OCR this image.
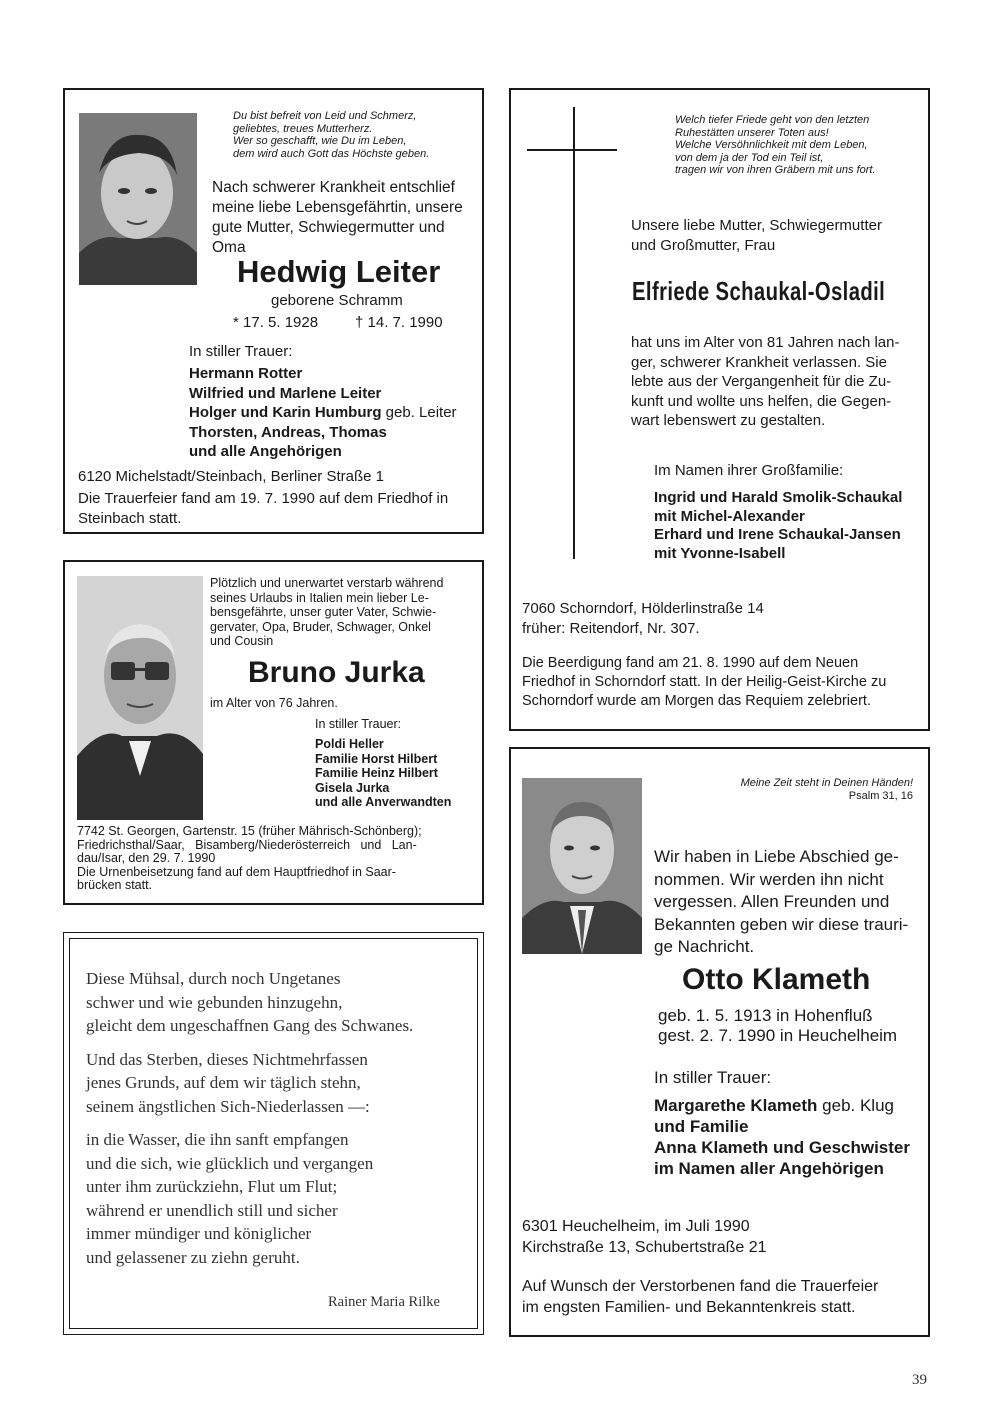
Du bist befreit von Leid und Schmerz,
geliebtes, treues Mutterherz.
Wer so geschafft, wie Du im Leben,
dem wird auch Gott das Höchste geben.
Nach schwerer Krankheit entschlief
meine liebe Lebensgefährtin, unsere
gute Mutter, Schwiegermutter und
Oma
Hedwig Leiter
geborene Schramm
* 17. 5. 1928 † 14. 7. 1990
In stiller Trauer:
Hermann Rotter
Wilfried und Marlene Leiter
Holger und Karin Humburg geb. Leiter
Thorsten, Andreas, Thomas
und alle Angehörigen
6120 Michelstadt/Steinbach, Berliner Straße 1
Die Trauerfeier fand am 19. 7. 1990 auf dem Friedhof in
Steinbach statt.
Plötzlich und unerwartet verstarb während
seines Urlaubs in Italien mein lieber Le-
bensgefährte, unser guter Vater, Schwie-
gervater, Opa, Bruder, Schwager, Onkel
und Cousin
Bruno Jurka
im Alter von 76 Jahren.
In stiller Trauer:
Poldi Heller
Familie Horst Hilbert
Familie Heinz Hilbert
Gisela Jurka
und alle Anverwandten
7742 St. Georgen, Gartenstr. 15 (früher Mährisch-Schönberg);
Friedrichsthal/Saar,   Bisamberg/Niederösterreich   und   Lan-
dau/Isar, den 29. 7. 1990
Die Urnenbeisetzung fand auf dem Hauptfriedhof in Saar-
brücken statt.
Diese Mühsal, durch noch Ungetanes
schwer und wie gebunden hinzugehn,
gleicht dem ungeschaffnen Gang des Schwanes.
Und das Sterben, dieses Nichtmehrfassen
jenes Grunds, auf dem wir täglich stehn,
seinem ängstlichen Sich-Niederlassen —:
in die Wasser, die ihn sanft empfangen
und die sich, wie glücklich und vergangen
unter ihm zurückziehn, Flut um Flut;
während er unendlich still und sicher
immer mündiger und königlicher
und gelassener zu ziehn geruht.
Rainer Maria Rilke
Welch tiefer Friede geht von den letzten
Ruhestätten unserer Toten aus!
Welche Versöhnlichkeit mit dem Leben,
von dem ja der Tod ein Teil ist,
tragen wir von ihren Gräbern mit uns fort.
Unsere liebe Mutter, Schwiegermutter
und Großmutter, Frau
Elfriede Schaukal-Osladil
hat uns im Alter von 81 Jahren nach lan-
ger, schwerer Krankheit verlassen. Sie
lebte aus der Vergangenheit für die Zu-
kunft und wollte uns helfen, die Gegen-
wart lebenswert zu gestalten.
Im Namen ihrer Großfamilie:
Ingrid und Harald Smolik-Schaukal
mit Michel-Alexander
Erhard und Irene Schaukal-Jansen
mit Yvonne-Isabell
7060 Schorndorf, Hölderlinstraße 14
früher: Reitendorf, Nr. 307.
Die Beerdigung fand am 21. 8. 1990 auf dem Neuen
Friedhof in Schorndorf statt. In der Heilig-Geist-Kirche zu
Schorndorf wurde am Morgen das Requiem zelebriert.
Meine Zeit steht in Deinen Händen!
Psalm 31, 16
Wir haben in Liebe Abschied ge-
nommen. Wir werden ihn nicht
vergessen. Allen Freunden und
Bekannten geben wir diese trauri-
ge Nachricht.
Otto Klameth
geb. 1. 5. 1913 in Hohenfluß
gest. 2. 7. 1990 in Heuchelheim
In stiller Trauer:
Margarethe Klameth geb. Klug
und Familie
Anna Klameth und Geschwister
im Namen aller Angehörigen
6301 Heuchelheim, im Juli 1990
Kirchstraße 13, Schubertstraße 21
Auf Wunsch der Verstorbenen fand die Trauerfeier
im engsten Familien- und Bekanntenkreis statt.
39
